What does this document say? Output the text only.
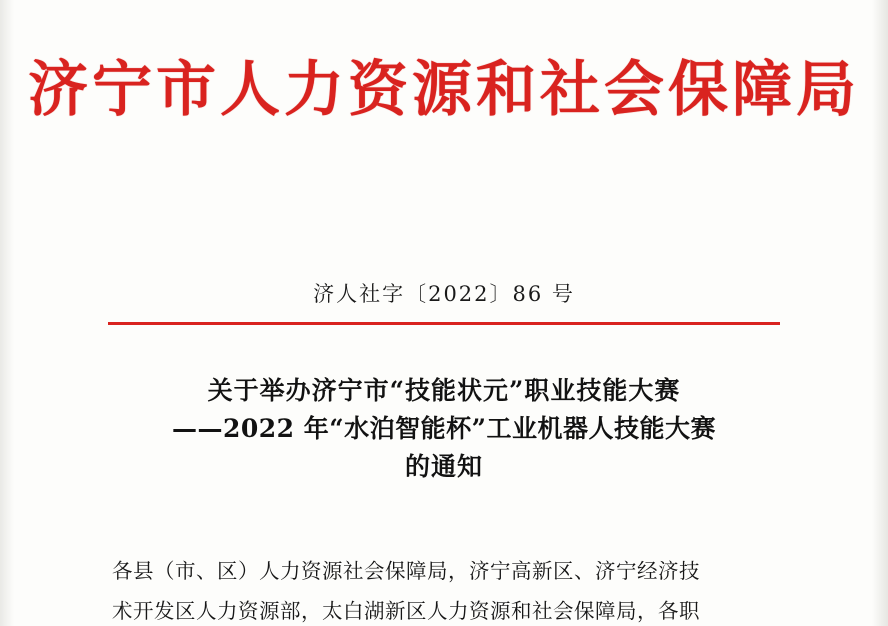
济宁市人力资源和社会保障局
济人社字〔2022〕86 号
关于举办济宁市“技能状元”职业技能大赛
——2022 年“水泊智能杯”工业机器人技能大赛
的通知
各县（市、区）人力资源社会保障局，济宁高新区、济宁经济技
术开发区人力资源部，太白湖新区人力资源和社会保障局，各职
